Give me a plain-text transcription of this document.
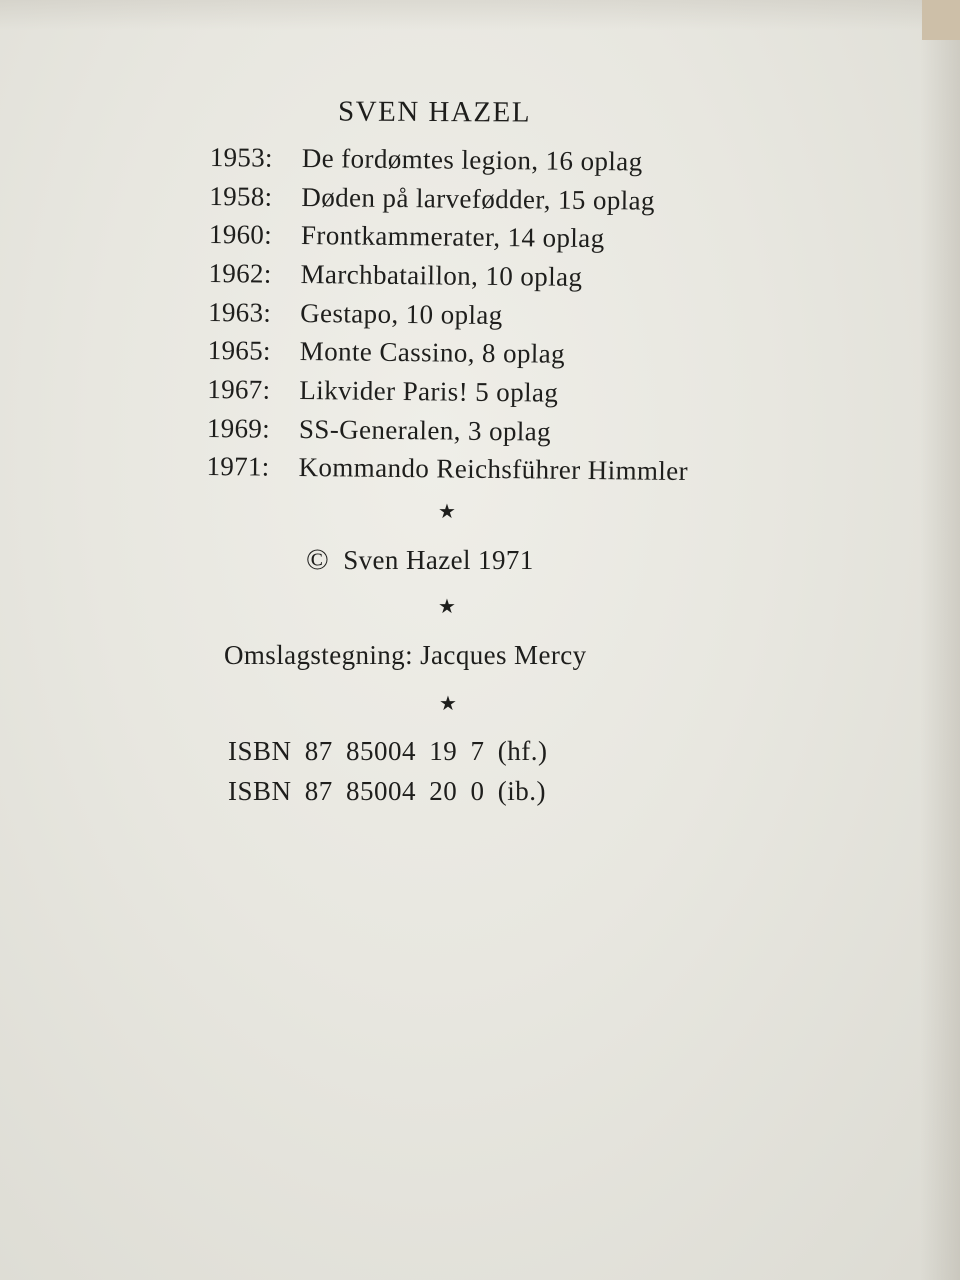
SVEN HAZEL
1953:	De fordømtes legion, 16 oplag
1958:	Døden på larvefødder, 15 oplag
1960:	Frontkammerater, 14 oplag
1962:	Marchbataillon, 10 oplag
1963:	Gestapo, 10 oplag
1965:	Monte Cassino, 8 oplag
1967:	Likvider Paris! 5 oplag
1969:	SS-Generalen, 3 oplag
1971:	Kommando Reichsführer Himmler
★
© Sven Hazel 1971
★
Omslagstegning: Jacques Mercy
★
ISBN 87 85004 19 7 (hf.)
ISBN 87 85004 20 0 (ib.)
